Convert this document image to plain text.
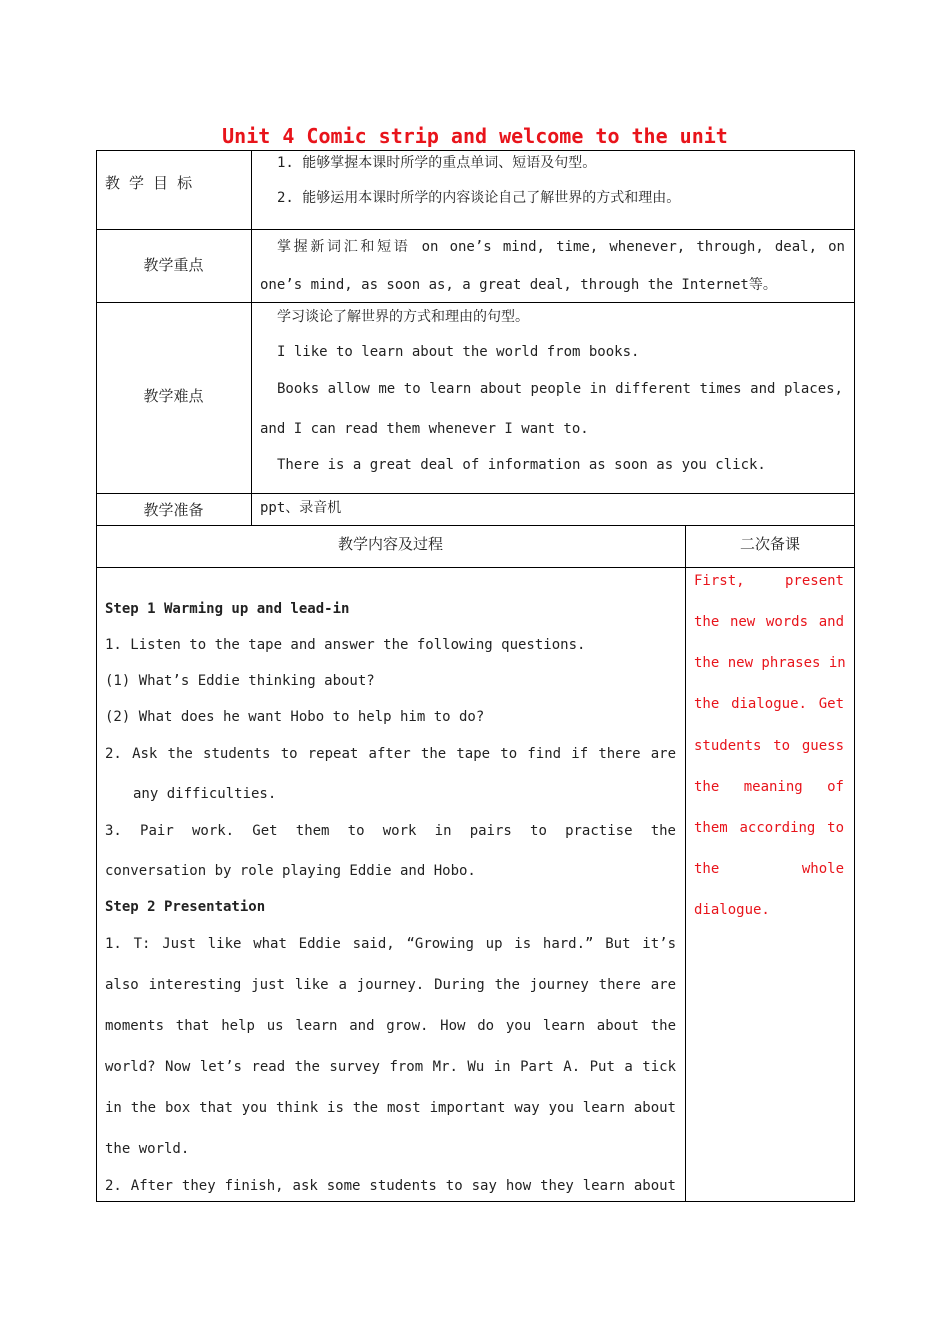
Unit 4 Comic strip and welcome to the unit
教 学 目 标
1. 能够掌握本课时所学的重点单词、短语及句型。
2. 能够运用本课时所学的内容谈论自己了解世界的方式和理由。
教学重点
掌握新词汇和短语 on one’s mind, time, whenever, through, deal, on
one’s mind, as soon as, a great deal, through the Internet等。
教学难点
学习谈论了解世界的方式和理由的句型。
I like to learn about the world from books.
Books allow me to learn about people in different times and places,
and I can read them whenever I want to.
There is a great deal of information as soon as you click.
教学准备	ppt、录音机
教学内容及过程	二次备课
Step 1 Warming up and lead-in
1. Listen to the tape and answer the following questions.
(1) What’s Eddie thinking about?
(2) What does he want Hobo to help him to do?
2. Ask the students to repeat after the tape to find if there are
any difficulties.
3. Pair work. Get them to work in pairs to practise the
conversation by role playing Eddie and Hobo.
Step 2 Presentation
1. T: Just like what Eddie said, “Growing up is hard.” But it’s
also interesting just like a journey. During the journey there are
moments that help us learn and grow. How do you learn about the
world? Now let’s read the survey from Mr. Wu in Part A. Put a tick
in the box that you think is the most important way you learn about
the world.
2. After they finish, ask some students to say how they learn about
First, present
the new words and
the new phrases in
the dialogue. Get
students to guess
the meaning of
them according to
the whole
dialogue.
